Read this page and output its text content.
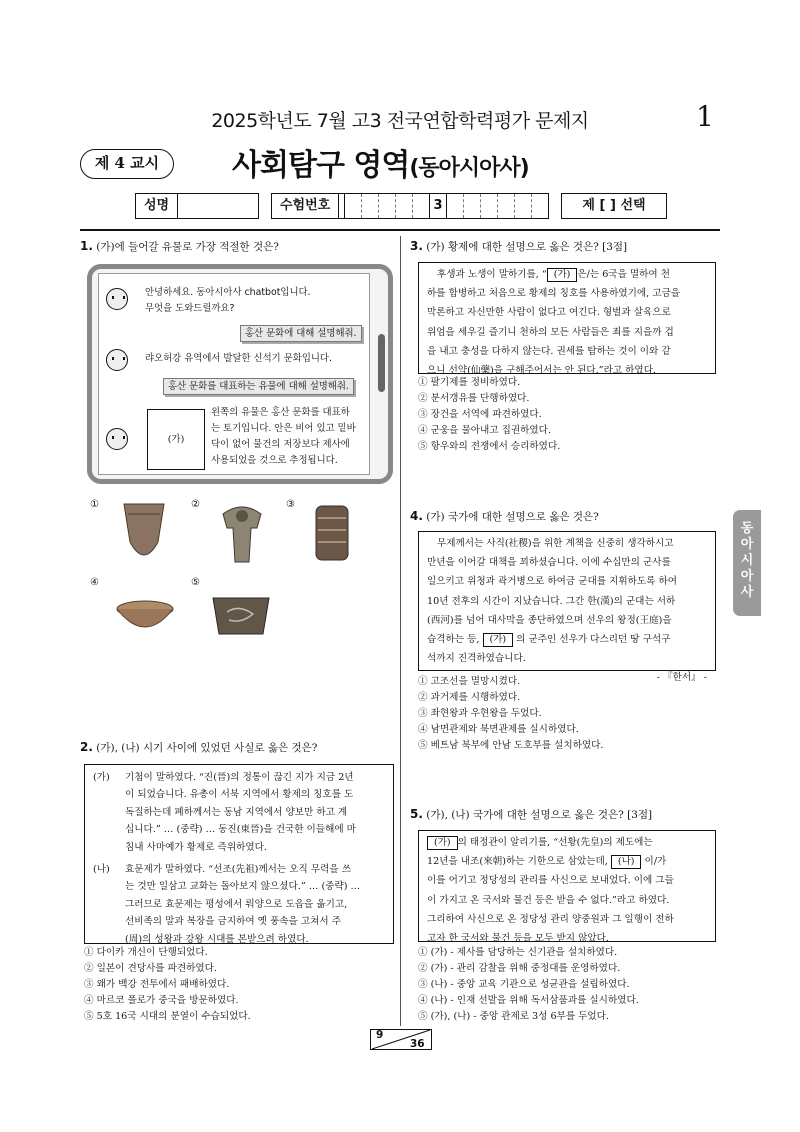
2025학년도 7월 고3 전국연합학력평가 문제지	1
제 4 교시	사회탐구 영역(동아시아사)
성명	수험번호	3	제 [ ] 선택
1. (가)에 들어갈 유물로 가장 적절한 것은?
안녕하세요. 동아시아사 chatbot입니다.
무엇을 도와드릴까요?
홍산 문화에 대해 설명해줘.
랴오허강 유역에서 발달한 신석기 문화입니다.
홍산 문화를 대표하는 유물에 대해 설명해줘.
(가)
왼쪽의 유물은 홍산 문화를 대표하
는 토기입니다. 안은 비어 있고 밑바
닥이 없어 물건의 저장보다 제사에
사용되었을 것으로 추정됩니다.
①	②	③
④	⑤
2. (가), (나) 시기 사이에 있었던 사실로 옳은 것은?
(가) 기첨이 말하였다. “진(晉)의 정통이 끊긴 지가 지금 2년
이 되었습니다. 유총이 서북 지역에서 황제의 칭호를 도
독질하는데 폐하께서는 동남 지역에서 양보만 하고 계
십니다.” … (중략) … 동진(東晉)을 건국한 이들해에 마
침내 사마예가 황제로 즉위하였다.
(나) 효문제가 말하였다. “선조(先祖)께서는 오직 무력을 쓰
는 것만 일삼고 교화는 돌아보지 않으셨다.” … (중략) …
그러므로 효문제는 평성에서 뤄양으로 도읍을 옮기고,
선비족의 말과 복장을 금지하여 옛 풍속을 고쳐서 주
(周)의 성왕과 강왕 시대를 본받으려 하였다.
① 다이카 개신이 단행되었다.
② 일본이 견당사를 파견하였다.
③ 왜가 백강 전투에서 패배하였다.
④ 마르코 폴로가 중국을 방문하였다.
⑤ 5호 16국 시대의 분열이 수습되었다.
3. (가) 황제에 대한 설명으로 옳은 것은? [3점]
후생과 노생이 말하기를, “ (가) 은/는 6국을 멸하여 천
하를 합병하고 처음으로 황제의 칭호를 사용하였기에, 고금을
막론하고 자신만한 사람이 없다고 여긴다. 형벌과 살육으로
위엄을 세우길 즐기니 천하의 모든 사람들은 죄를 지을까 겁
을 내고 충성을 다하지 않는다. 권세를 탐하는 것이 이와 같
으니 선약(仙藥)을 구해주어서는 안 된다.”라고 하였다.
① 팔기제를 정비하였다.
② 분서갱유를 단행하였다.
③ 장건을 서역에 파견하였다.
④ 군웅을 물아내고 집권하였다.
⑤ 항우와의 전쟁에서 승리하였다.
4. (가) 국가에 대한 설명으로 옳은 것은?
무제께서는 사직(社稷)을 위한 계책을 신중히 생각하시고
만년을 이어갈 대책을 꾀하셨습니다. 이에 수십만의 군사를
일으키고 위청과 곽거병으로 하여금 군대를 지휘하도록 하여
10년 전후의 시간이 지났습니다. 그간 한(漢)의 군대는 서하
(西河)를 넘어 대사막을 종단하였으며 선우의 왕정(王庭)을
습격하는 등, (가) 의 군주인 선우가 다스리던 땅 구석구
석까지 진격하였습니다.
- 『한서』 -
① 고조선을 멸망시켰다.
② 과거제를 시행하였다.
③ 좌현왕과 우현왕을 두었다.
④ 남면관제와 북면관제를 실시하였다.
⑤ 베트남 북부에 안남 도호부를 설치하였다.
5. (가), (나) 국가에 대한 설명으로 옳은 것은? [3점]
(가) 의 태정관이 알리기를, “선황(先皇)의 제도에는
12년을 내조(來朝)하는 기한으로 삼았는데, (나) 이/가
이를 어기고 정당성의 관리를 사신으로 보내었다. 이에 그들
이 가지고 온 국서와 물건 등은 받을 수 없다.”라고 하였다.
그리하여 사신으로 온 정당성 관리 양중원과 그 일행이 전하
고자 한 국서와 물건 등을 모두 받지 않았다.
① (가) - 제사를 담당하는 신기관을 설치하였다.
② (가) - 관리 감찰을 위해 중정대를 운영하였다.
③ (나) - 중앙 교육 기관으로 성균관을 설립하였다.
④ (나) - 인재 선발을 위해 독서삼품과를 실시하였다.
⑤ (가), (나) - 중앙 관제로 3성 6부를 두었다.
동아시아사
9
36
